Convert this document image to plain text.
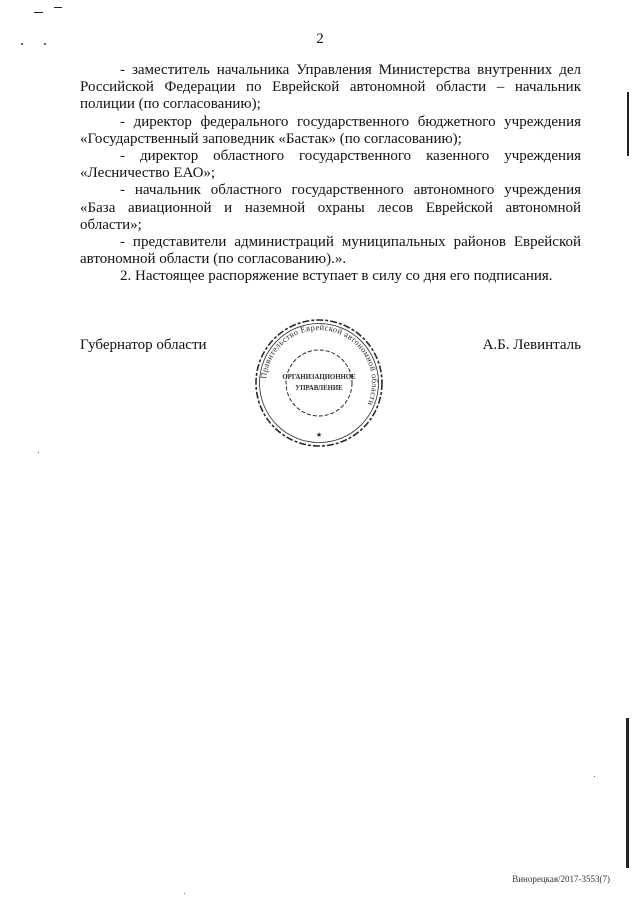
2

- заместитель начальника Управления Министерства внутренних дел Российской Федерации по Еврейской автономной области – начальник полиции (по согласованию);

- директор федерального государственного бюджетного учреждения «Государственный заповедник «Бастак» (по согласованию);

- директор областного государственного казенного учреждения «Лесничество ЕАО»;

- начальник областного государственного автономного учреждения «База авиационной и наземной охраны лесов Еврейской автономной области»;

- представители администраций муниципальных районов Еврейской автономной области (по согласованию).».

2. Настоящее распоряжение вступает в силу со дня его подписания.

Губернатор области	А.Б. Левинталь
Правительство Еврейской автономной области
ОРГАНИЗАЦИОННОЕ
УПРАВЛЕНИЕ
★
Винорецкая/2017-3553(7)
